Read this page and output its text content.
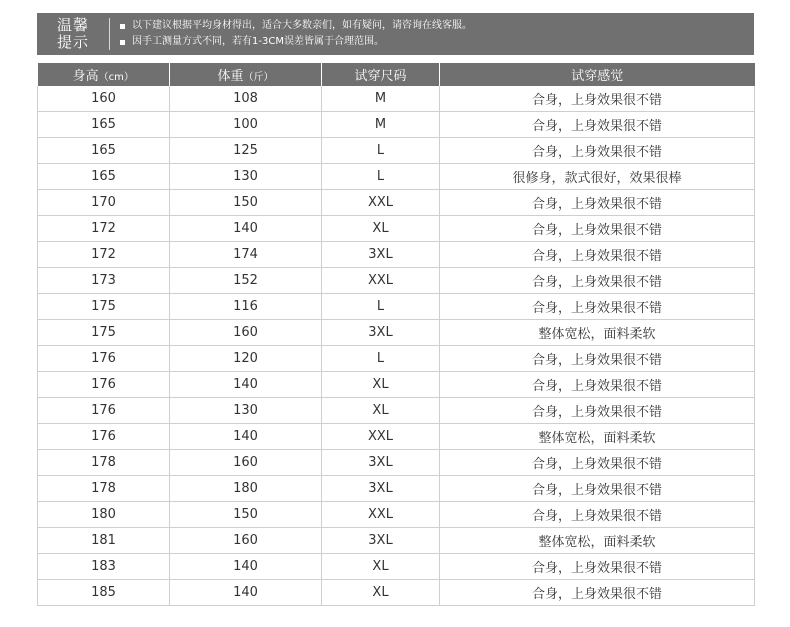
温馨
提示
以下建议根据平均身材得出，适合大多数亲们，如有疑问，请咨询在线客服。
因手工测量方式不同，若有1-3CM误差皆属于合理范围。
身高（cm）	体重（斤）	试穿尺码	试穿感觉
160	108	M	合身，上身效果很不错
165	100	M	合身，上身效果很不错
165	125	L	合身，上身效果很不错
165	130	L	很修身，款式很好，效果很棒
170	150	XXL	合身，上身效果很不错
172	140	XL	合身，上身效果很不错
172	174	3XL	合身，上身效果很不错
173	152	XXL	合身，上身效果很不错
175	116	L	合身，上身效果很不错
175	160	3XL	整体宽松，面料柔软
176	120	L	合身，上身效果很不错
176	140	XL	合身，上身效果很不错
176	130	XL	合身，上身效果很不错
176	140	XXL	整体宽松，面料柔软
178	160	3XL	合身，上身效果很不错
178	180	3XL	合身，上身效果很不错
180	150	XXL	合身，上身效果很不错
181	160	3XL	整体宽松，面料柔软
183	140	XL	合身，上身效果很不错
185	140	XL	合身，上身效果很不错
